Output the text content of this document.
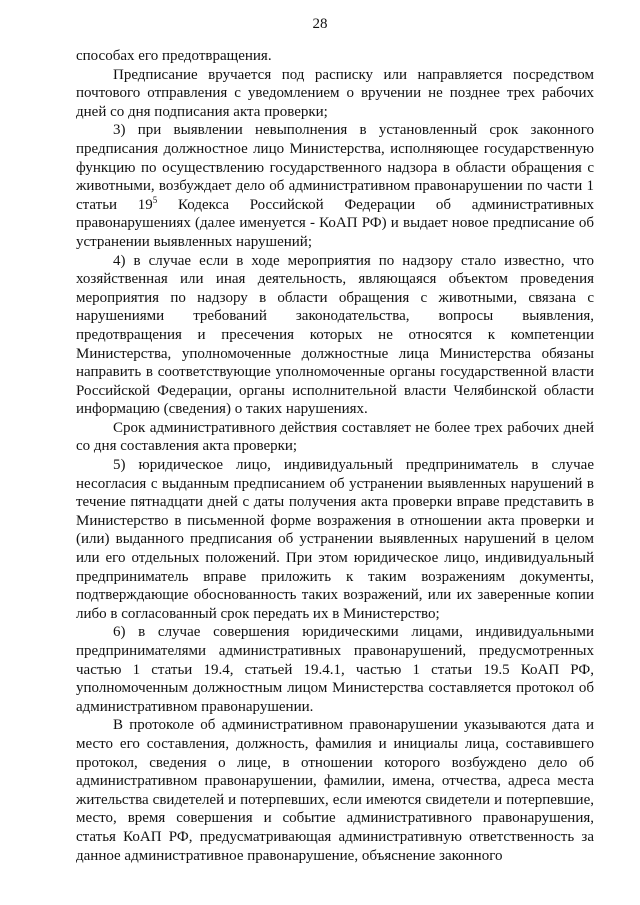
28

способах его предотвращения.

Предписание вручается под расписку или направляется посредством почтового отправления с уведомлением о вручении не позднее трех рабочих дней со дня подписания акта проверки;

3) при выявлении невыполнения в установленный срок законного предписания должностное лицо Министерства, исполняющее государственную функцию по осуществлению государственного надзора в области обращения с животными, возбуждает дело об административном правонарушении по части 1 статьи $19^5$ Кодекса Российской Федерации об административных правонарушениях (далее именуется - КоАП РФ) и выдает новое предписание об устранении выявленных нарушений;

4) в случае если в ходе мероприятия по надзору стало известно, что хозяйственная или иная деятельность, являющаяся объектом проведения мероприятия по надзору в области обращения с животными, связана с нарушениями требований законодательства, вопросы выявления, предотвращения и пресечения которых не относятся к компетенции Министерства, уполномоченные должностные лица Министерства обязаны направить в соответствующие уполномоченные органы государственной власти Российской Федерации, органы исполнительной власти Челябинской области информацию (сведения) о таких нарушениях.

Срок административного действия составляет не более трех рабочих дней со дня составления акта проверки;

5) юридическое лицо, индивидуальный предприниматель в случае несогласия с выданным предписанием об устранении выявленных нарушений в течение пятнадцати дней с даты получения акта проверки вправе представить в Министерство в письменной форме возражения в отношении акта проверки и (или) выданного предписания об устранении выявленных нарушений в целом или его отдельных положений. При этом юридическое лицо, индивидуальный предприниматель вправе приложить к таким возражениям документы, подтверждающие обоснованность таких возражений, или их заверенные копии либо в согласованный срок передать их в Министерство;

6) в случае совершения юридическими лицами, индивидуальными предпринимателями административных правонарушений, предусмотренных частью 1 статьи 19.4, статьей 19.4.1, частью 1 статьи 19.5 КоАП РФ, уполномоченным должностным лицом Министерства составляется протокол об административном правонарушении.

В протоколе об административном правонарушении указываются дата и место его составления, должность, фамилия и инициалы лица, составившего протокол, сведения о лице, в отношении которого возбуждено дело об административном правонарушении, фамилии, имена, отчества, адреса места жительства свидетелей и потерпевших, если имеются свидетели и потерпевшие, место, время совершения и событие административного правонарушения, статья КоАП РФ, предусматривающая административную ответственность за данное административное правонарушение, объяснение законного
